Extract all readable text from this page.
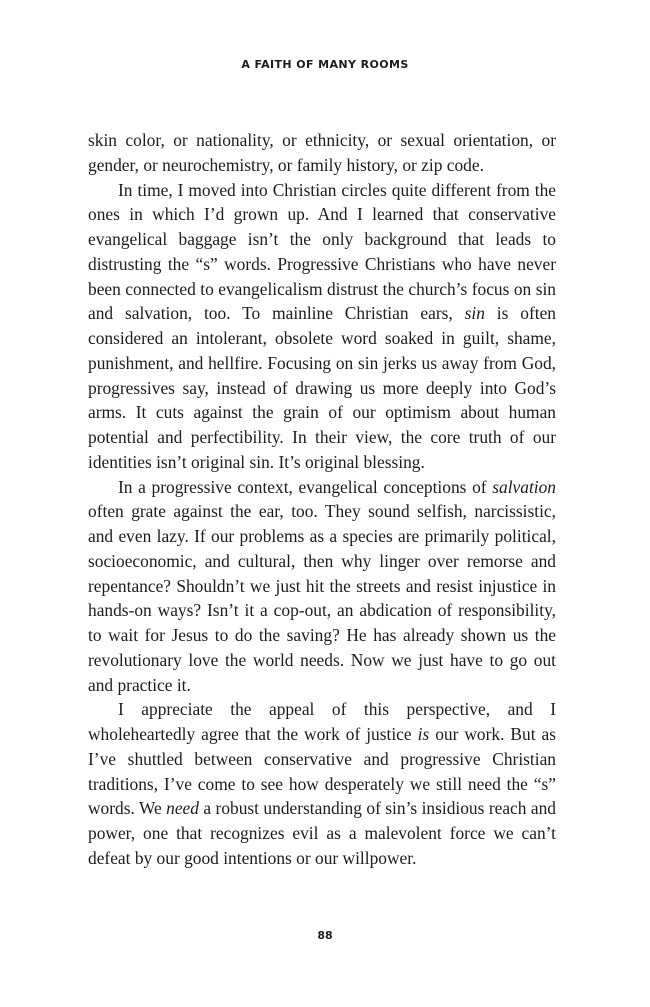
A FAITH OF MANY ROOMS

skin color, or nationality, or ethnicity, or sexual orientation, or gender, or neurochemistry, or family history, or zip code.

In time, I moved into Christian circles quite different from the ones in which I’d grown up. And I learned that conservative evangelical baggage isn’t the only background that leads to distrusting the “s” words. Progressive Christians who have never been connected to evangelicalism distrust the church’s focus on sin and salvation, too. To mainline Christian ears, sin is often considered an intolerant, obsolete word soaked in guilt, shame, punishment, and hellfire. Focusing on sin jerks us away from God, progressives say, instead of drawing us more deeply into God’s arms. It cuts against the grain of our optimism about human potential and perfectibility. In their view, the core truth of our identities isn’t original sin. It’s original blessing.

In a progressive context, evangelical conceptions of salvation often grate against the ear, too. They sound selfish, narcissistic, and even lazy. If our problems as a species are primarily political, socioeconomic, and cultural, then why linger over remorse and repentance? Shouldn’t we just hit the streets and resist injustice in hands-on ways? Isn’t it a cop-out, an abdication of responsibility, to wait for Jesus to do the saving? He has already shown us the revolutionary love the world needs. Now we just have to go out and practice it.

I appreciate the appeal of this perspective, and I wholeheartedly agree that the work of justice is our work. But as I’ve shuttled between conservative and progressive Christian traditions, I’ve come to see how desperately we still need the “s” words. We need a robust understanding of sin’s insidious reach and power, one that recognizes evil as a malevolent force we can’t defeat by our good intentions or our willpower.

88
